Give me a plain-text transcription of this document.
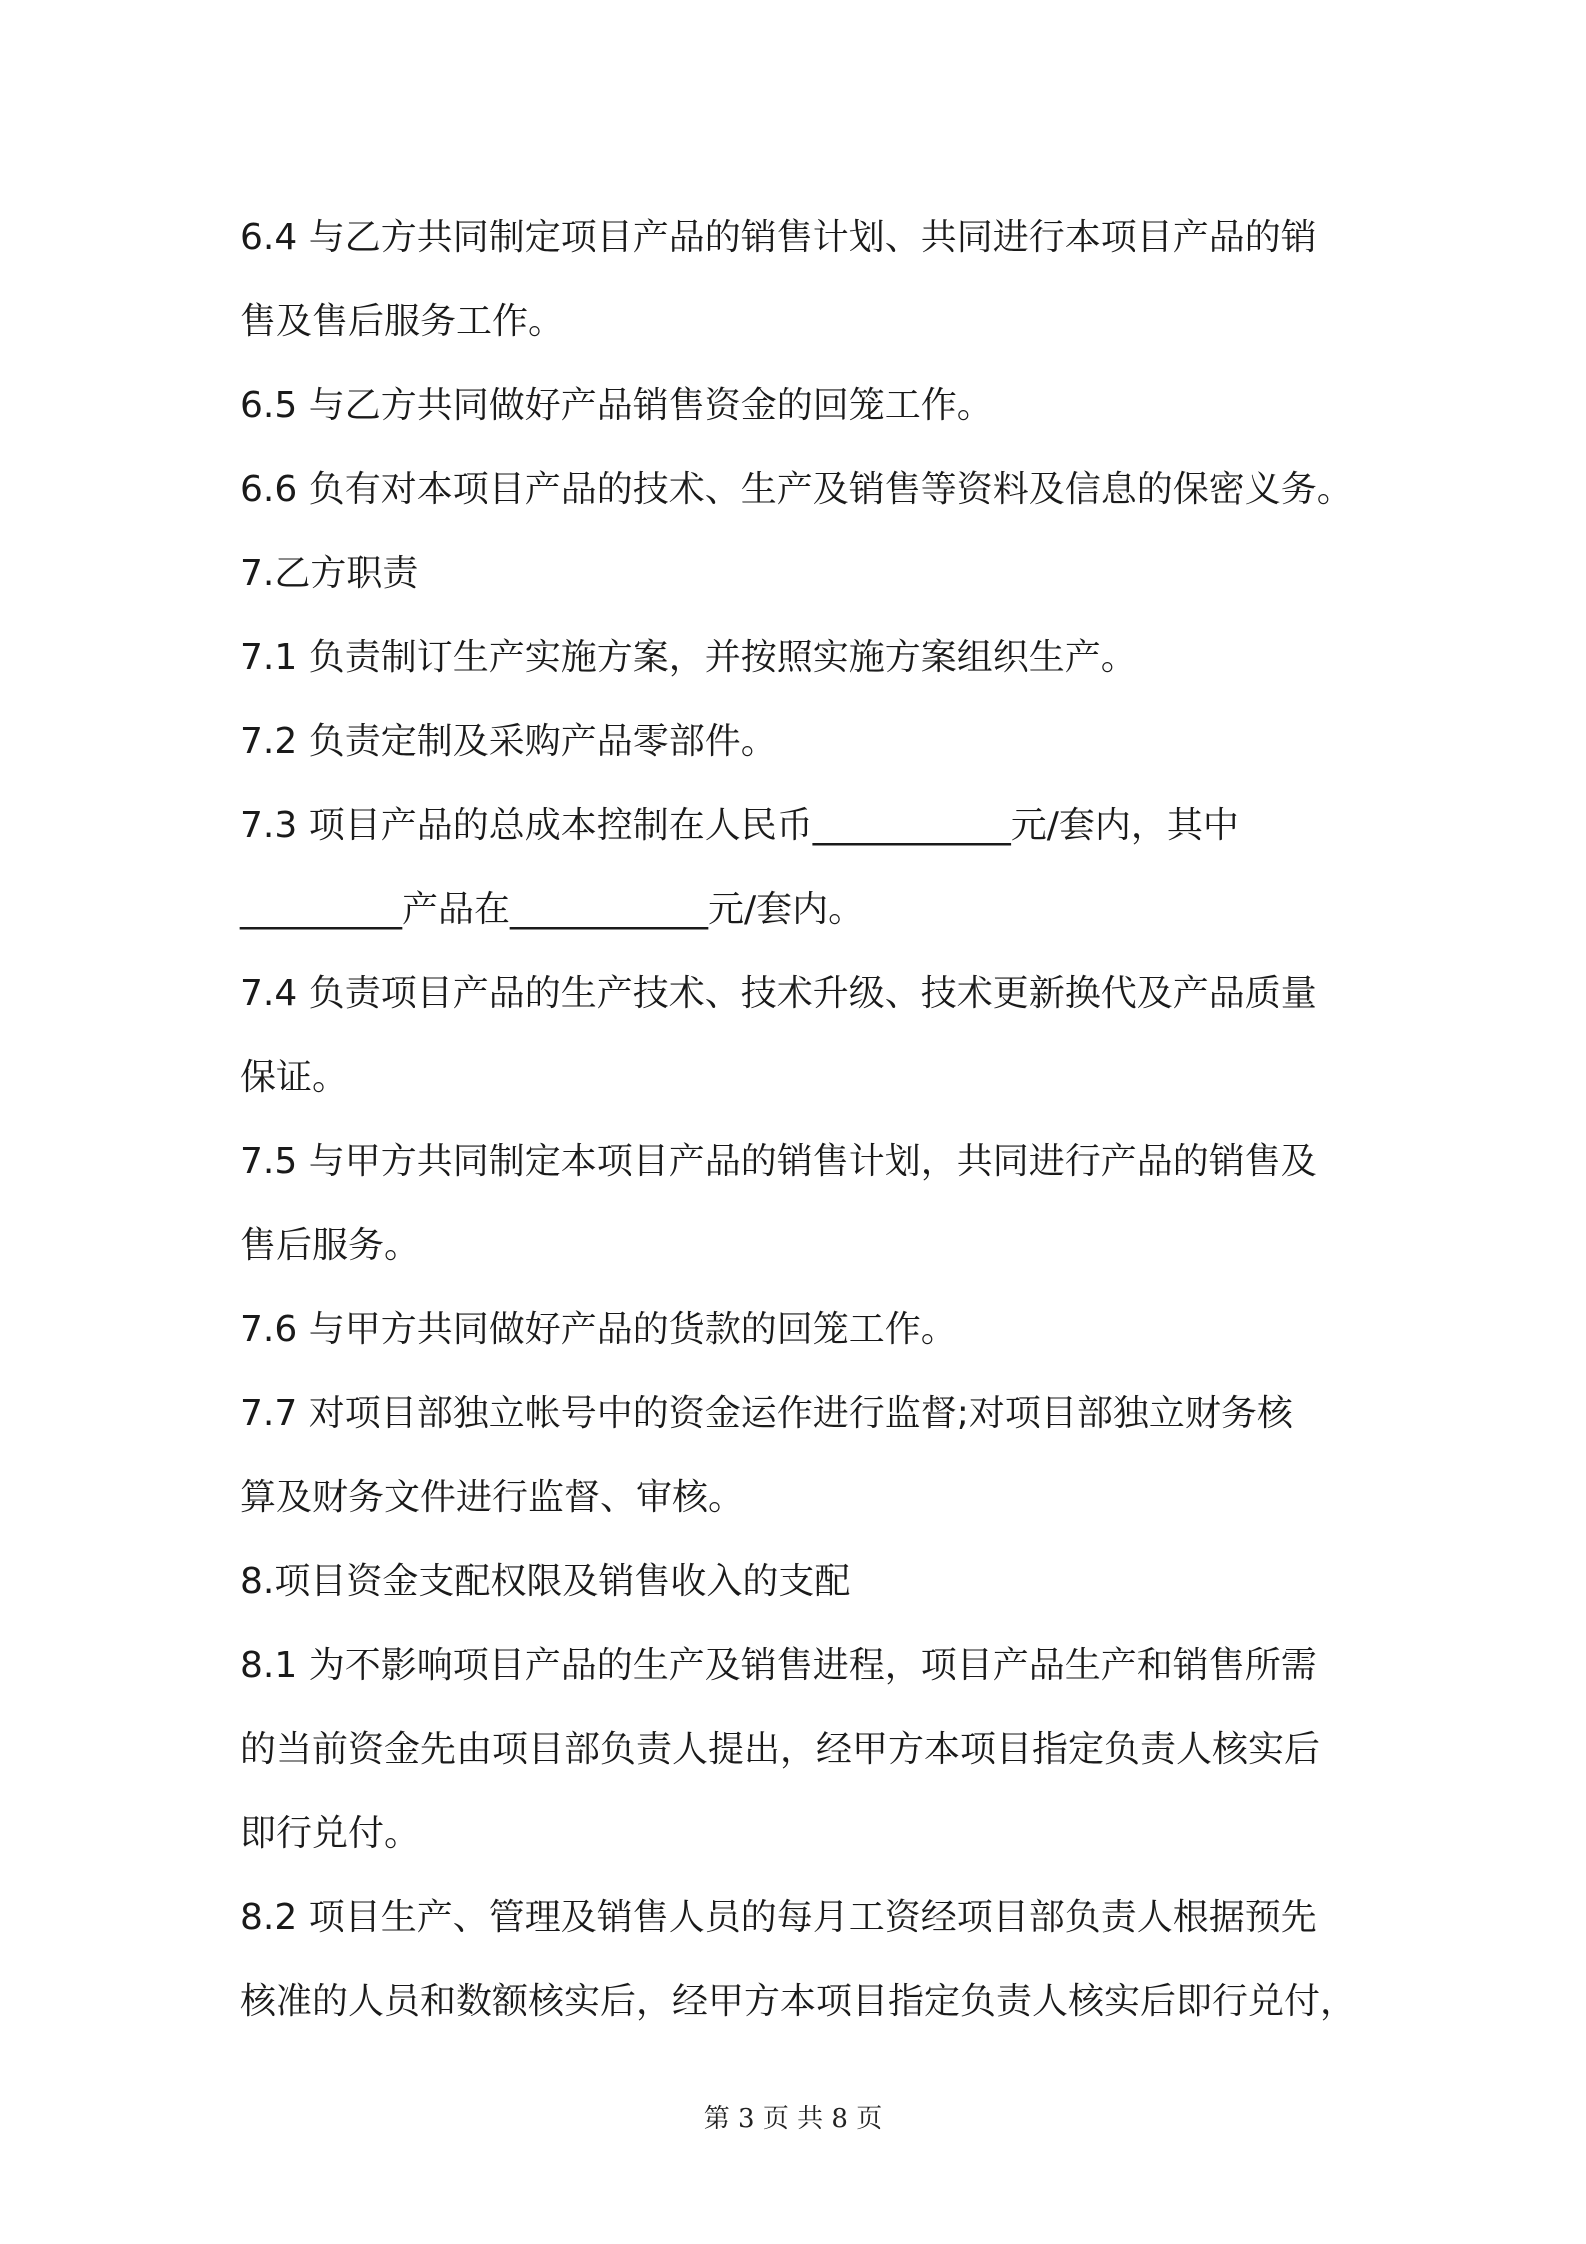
6.4 与乙方共同制定项目产品的销售计划、共同进行本项目产品的销
售及售后服务工作。
6.5 与乙方共同做好产品销售资金的回笼工作。
6.6 负有对本项目产品的技术、生产及销售等资料及信息的保密义务。
7.乙方职责
7.1 负责制订生产实施方案，并按照实施方案组织生产。
7.2 负责定制及采购产品零部件。
7.3 项目产品的总成本控制在人民币___________元/套内，其中
_________产品在___________元/套内。
7.4 负责项目产品的生产技术、技术升级、技术更新换代及产品质量
保证。
7.5 与甲方共同制定本项目产品的销售计划，共同进行产品的销售及
售后服务。
7.6 与甲方共同做好产品的货款的回笼工作。
7.7 对项目部独立帐号中的资金运作进行监督;对项目部独立财务核
算及财务文件进行监督、审核。
8.项目资金支配权限及销售收入的支配
8.1 为不影响项目产品的生产及销售进程，项目产品生产和销售所需
的当前资金先由项目部负责人提出，经甲方本项目指定负责人核实后
即行兑付。
8.2 项目生产、管理及销售人员的每月工资经项目部负责人根据预先
核准的人员和数额核实后，经甲方本项目指定负责人核实后即行兑付，
第 3 页 共 8 页
